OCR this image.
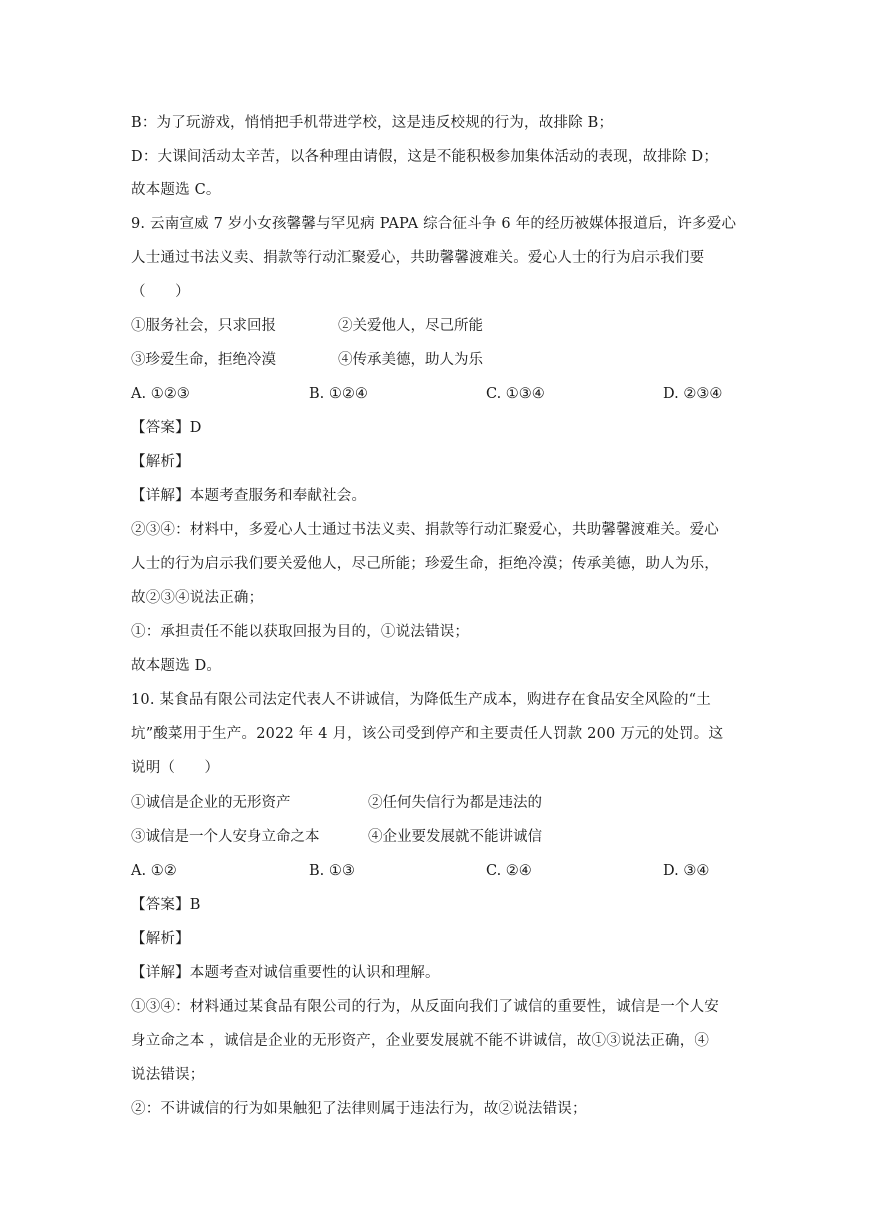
B：为了玩游戏，悄悄把手机带进学校，这是违反校规的行为，故排除 B；
D：大课间活动太辛苦，以各种理由请假，这是不能积极参加集体活动的表现，故排除 D；
故本题选 C。
9. 云南宣威 7 岁小女孩馨馨与罕见病 PAPA 综合征斗争 6 年的经历被媒体报道后，许多爱心
人士通过书法义卖、捐款等行动汇聚爱心，共助馨馨渡难关。爱心人士的行为启示我们要
（　　）
①服务社会，只求回报	②关爱他人，尽己所能
③珍爱生命，拒绝冷漠	④传承美德，助人为乐
A. ①②③	B. ①②④	C. ①③④	D. ②③④
【答案】D
【解析】
【详解】本题考查服务和奉献社会。
②③④：材料中，多爱心人士通过书法义卖、捐款等行动汇聚爱心，共助馨馨渡难关。爱心
人士的行为启示我们要关爱他人，尽己所能；珍爱生命，拒绝冷漠；传承美德，助人为乐，
故②③④说法正确；
①：承担责任不能以获取回报为目的，①说法错误；
故本题选 D。
10. 某食品有限公司法定代表人不讲诚信，为降低生产成本，购进存在食品安全风险的“土
坑”酸菜用于生产。2022 年 4 月，该公司受到停产和主要责任人罚款 200 万元的处罚。这
说明（　　）
①诚信是企业的无形资产	②任何失信行为都是违法的
③诚信是一个人安身立命之本	④企业要发展就不能讲诚信
A. ①②	B. ①③	C. ②④	D. ③④
【答案】B
【解析】
【详解】本题考查对诚信重要性的认识和理解。
①③④：材料通过某食品有限公司的行为，从反面向我们了诚信的重要性，诚信是一个人安
身立命之本 ，诚信是企业的无形资产，企业要发展就不能不讲诚信，故①③说法正确，④
说法错误；
②：不讲诚信的行为如果触犯了法律则属于违法行为，故②说法错误；
